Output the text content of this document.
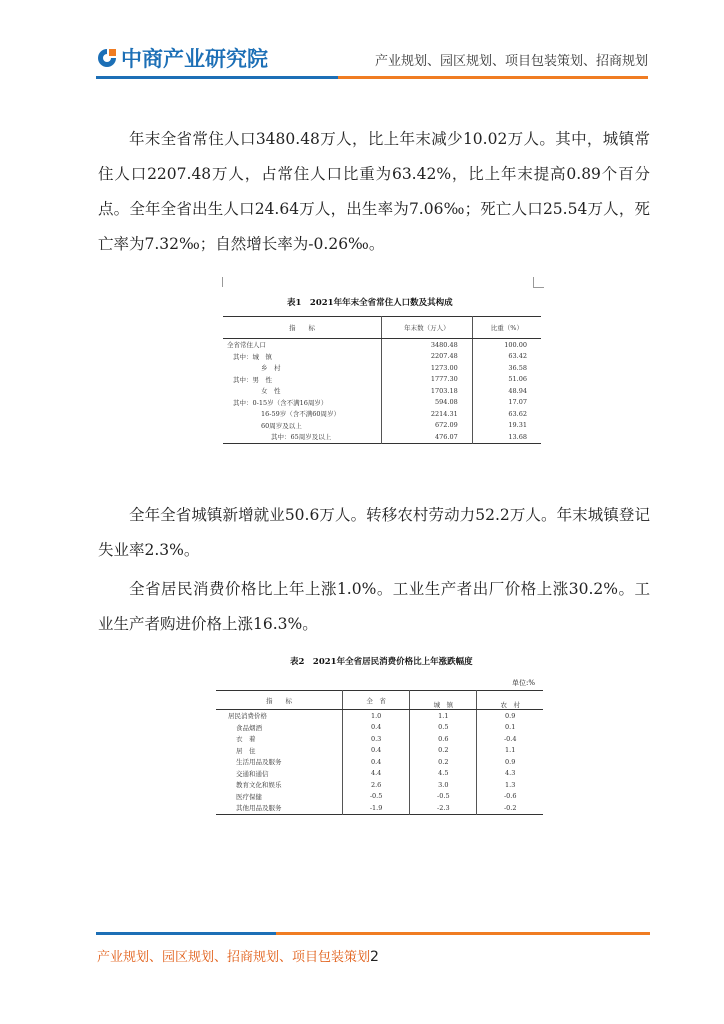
中商产业研究院	产业规划、园区规划、项目包装策划、招商规划

年末全省常住人口3480.48万人，比上年末减少10.02万人。其中，城镇常住人口2207.48万人，占常住人口比重为63.42%，比上年末提高0.89个百分点。全年全省出生人口24.64万人，出生率为7.06‰；死亡人口25.54万人，死亡率为7.32‰；自然增长率为-0.26‰。

表1　2021年年末全省常住人口数及其构成
指　　标	年末数（万人）	比重（%）
全省常住人口	3480.48	100.00
其中：城　镇	2207.48	63.42
乡　村	1273.00	36.58
其中：男　性	1777.30	51.06
女　性	1703.18	48.94
其中：0-15岁（含不满16周岁）	594.08	17.07
16-59岁（含不满60周岁）	2214.31	63.62
60周岁及以上	672.09	19.31
其中：65周岁及以上	476.07	13.68

全年全省城镇新增就业50.6万人。转移农村劳动力52.2万人。年末城镇登记失业率2.3%。

全省居民消费价格比上年上涨1.0%。工业生产者出厂价格上涨30.2%。工业生产者购进价格上涨16.3%。

表2　2021年全省居民消费价格比上年涨跌幅度
单位:%
指　　标	全　省	城　镇	农　村
居民消费价格	1.0	1.1	0.9
食品烟酒	0.4	0.5	0.1
衣　着	0.3	0.6	-0.4
居　住	0.4	0.2	1.1
生活用品及服务	0.4	0.2	0.9
交通和通信	4.4	4.5	4.3
教育文化和娱乐	2.6	3.0	1.3
医疗保健	-0.5	-0.5	-0.6
其他用品及服务	-1.9	-2.3	-0.2
产业规划、园区规划、招商规划、项目包装策划2
